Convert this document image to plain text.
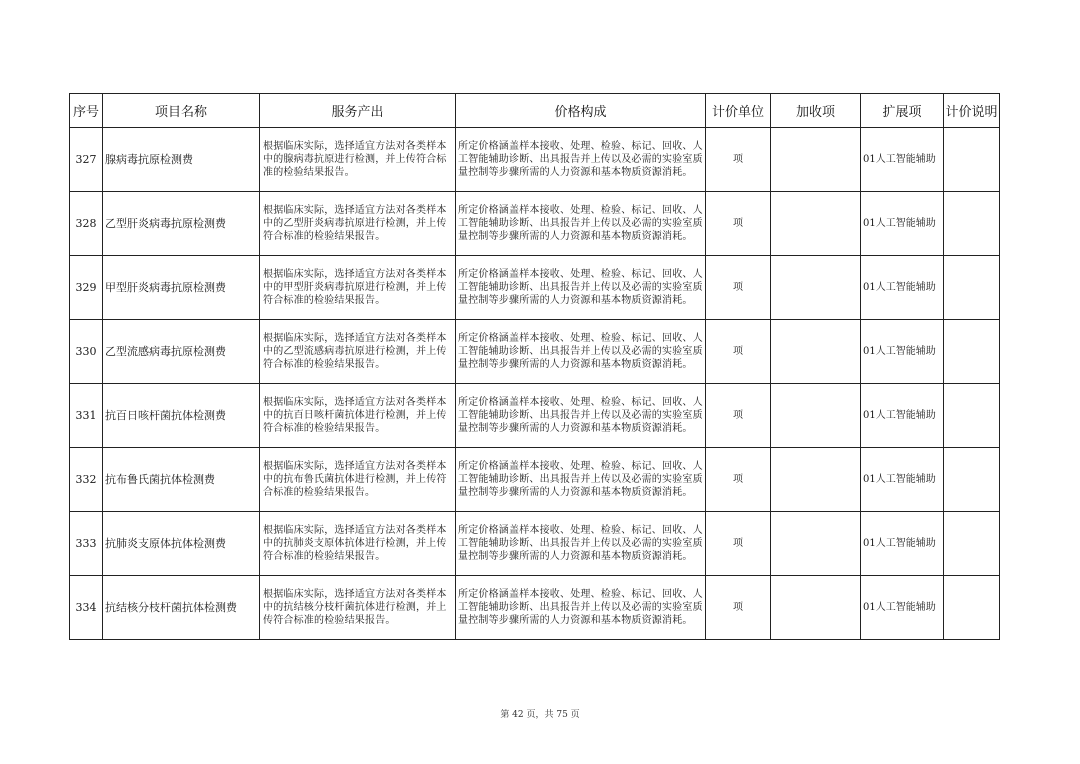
序号	项目名称	服务产出	价格构成	计价单位	加收项	扩展项	计价说明
327	腺病毒抗原检测费	根据临床实际，选择适宜方法对各类样本中的腺病毒抗原进行检测，并上传符合标准的检验结果报告。	所定价格涵盖样本接收、处理、检验、标记、回收、人工智能辅助诊断、出具报告并上传以及必需的实验室质量控制等步骤所需的人力资源和基本物质资源消耗。	项		01人工智能辅助	
328	乙型肝炎病毒抗原检测费	根据临床实际，选择适宜方法对各类样本中的乙型肝炎病毒抗原进行检测，并上传符合标准的检验结果报告。	所定价格涵盖样本接收、处理、检验、标记、回收、人工智能辅助诊断、出具报告并上传以及必需的实验室质量控制等步骤所需的人力资源和基本物质资源消耗。	项		01人工智能辅助	
329	甲型肝炎病毒抗原检测费	根据临床实际，选择适宜方法对各类样本中的甲型肝炎病毒抗原进行检测，并上传符合标准的检验结果报告。	所定价格涵盖样本接收、处理、检验、标记、回收、人工智能辅助诊断、出具报告并上传以及必需的实验室质量控制等步骤所需的人力资源和基本物质资源消耗。	项		01人工智能辅助	
330	乙型流感病毒抗原检测费	根据临床实际，选择适宜方法对各类样本中的乙型流感病毒抗原进行检测，并上传符合标准的检验结果报告。	所定价格涵盖样本接收、处理、检验、标记、回收、人工智能辅助诊断、出具报告并上传以及必需的实验室质量控制等步骤所需的人力资源和基本物质资源消耗。	项		01人工智能辅助	
331	抗百日咳杆菌抗体检测费	根据临床实际，选择适宜方法对各类样本中的抗百日咳杆菌抗体进行检测，并上传符合标准的检验结果报告。	所定价格涵盖样本接收、处理、检验、标记、回收、人工智能辅助诊断、出具报告并上传以及必需的实验室质量控制等步骤所需的人力资源和基本物质资源消耗。	项		01人工智能辅助	
332	抗布鲁氏菌抗体检测费	根据临床实际，选择适宜方法对各类样本中的抗布鲁氏菌抗体进行检测，并上传符合标准的检验结果报告。	所定价格涵盖样本接收、处理、检验、标记、回收、人工智能辅助诊断、出具报告并上传以及必需的实验室质量控制等步骤所需的人力资源和基本物质资源消耗。	项		01人工智能辅助	
333	抗肺炎支原体抗体检测费	根据临床实际，选择适宜方法对各类样本中的抗肺炎支原体抗体进行检测，并上传符合标准的检验结果报告。	所定价格涵盖样本接收、处理、检验、标记、回收、人工智能辅助诊断、出具报告并上传以及必需的实验室质量控制等步骤所需的人力资源和基本物质资源消耗。	项		01人工智能辅助	
334	抗结核分枝杆菌抗体检测费	根据临床实际，选择适宜方法对各类样本中的抗结核分枝杆菌抗体进行检测，并上传符合标准的检验结果报告。	所定价格涵盖样本接收、处理、检验、标记、回收、人工智能辅助诊断、出具报告并上传以及必需的实验室质量控制等步骤所需的人力资源和基本物质资源消耗。	项		01人工智能辅助	
第 42 页，共 75 页
